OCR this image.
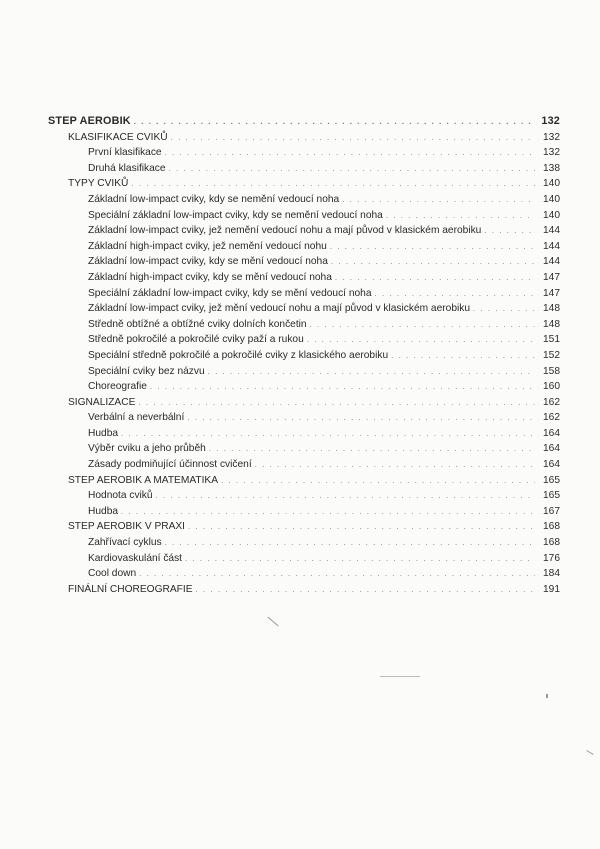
STEP AEROBIK . . .	132
KLASIFIKACE CVIKŮ . . .	132
První klasifikace . . .	132
Druhá klasifikace . . .	138
TYPY CVIKŮ . . .	140
Základní low-impact cviky, kdy se nemění vedoucí noha . . .	140
Speciální základní low-impact cviky, kdy se nemění vedoucí noha . . .	140
Základní low-impact cviky, jež nemění vedoucí nohu a mají původ v klasickém aerobiku . . .	144
Základní high-impact cviky, jež nemění vedoucí nohu . . .	144
Základní low-impact cviky, kdy se mění vedoucí noha . . .	144
Základní high-impact cviky, kdy se mění vedoucí noha . . .	147
Speciální základní low-impact cviky, kdy se mění vedoucí noha . . .	147
Základní low-impact cviky, jež mění vedoucí nohu a mají původ v klasickém aerobiku . . .	148
Středně obtížné a obtížné cviky dolních končetin . . .	148
Středně pokročilé a pokročilé cviky paží a rukou . . .	151
Speciální středně pokročilé a pokročilé cviky z klasického aerobiku . . .	152
Speciální cviky bez názvu . . .	158
Choreografie . . .	160
SIGNALIZACE . . .	162
Verbální a neverbální . . .	162
Hudba . . .	164
Výběr cviku a jeho průběh . . .	164
Zásady podmiňující účinnost cvičení . . .	164
STEP AEROBIK A MATEMATIKA . . .	165
Hodnota cviků . . .	165
Hudba . . .	167
STEP AEROBIK V PRAXI . . .	168
Zahřívací cyklus . . .	168
Kardiovaskulání část . . .	176
Cool down . . .	184
FINÁLNÍ CHOREOGRAFIE . . .	191
